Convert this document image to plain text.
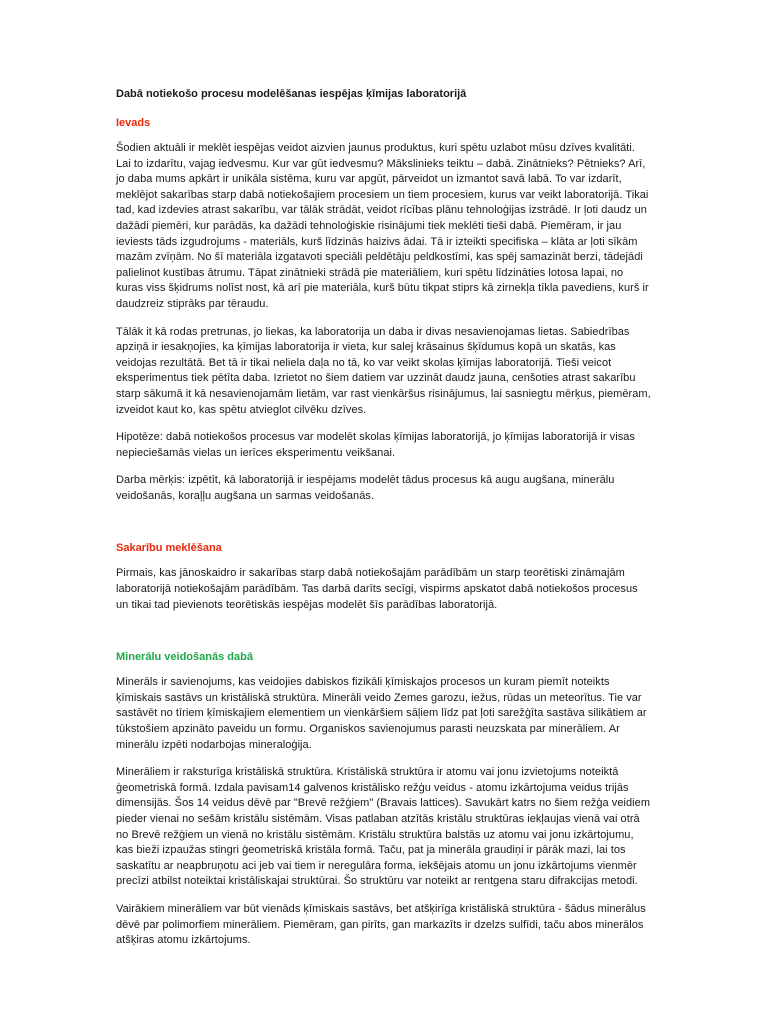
Dabā notiekošo procesu modelēšanas iespējas ķīmijas laboratorijā
Ievads

Šodien aktuāli ir meklēt iespējas veidot aizvien jaunus produktus, kuri spētu uzlabot mūsu dzīves kvalitāti. Lai to izdarītu, vajag iedvesmu. Kur var gūt iedvesmu? Mākslinieks teiktu – dabā. Zinātnieks? Pētnieks? Arī, jo daba mums apkārt ir unikāla sistēma, kuru var apgūt, pārveidot un izmantot savā labā. To var izdarīt, meklējot sakarības starp dabā notiekošajiem procesiem un tiem procesiem, kurus var veikt laboratorijā. Tikai tad, kad izdevies atrast sakarību, var tālāk strādāt, veidot rīcības plānu tehnoloģijas izstrādē. Ir ļoti daudz un dažādi piemēri, kur parādās, ka dažādi tehnoloģiskie risinājumi tiek meklēti tieši dabā. Piemēram, ir jau ieviests tāds izgudrojums - materiāls, kurš līdzinās haizivs ādai. Tā ir izteikti specifiska – klāta ar ļoti sīkām mazām zvīņām. No šī materiāla izgatavoti speciāli peldētāju peldkostīmi, kas spēj samazināt berzi, tādejādi palielinot kustības ātrumu. Tāpat zinātnieki strādā pie materiāliem, kuri spētu līdzināties lotosa lapai, no kuras viss šķidrums nolīst nost, kā arī pie materiāla, kurš būtu tikpat stiprs kā zirnekļa tīkla pavediens, kurš ir daudzreiz stiprāks par tēraudu.

Tālāk it kā rodas pretrunas, jo liekas, ka laboratorija un daba ir divas nesavienojamas lietas. Sabiedrības apziņā ir iesakņojies, ka ķīmijas laboratorija ir vieta, kur salej krāsainus šķīdumus kopā un skatās, kas veidojas rezultātā. Bet tā ir tikai neliela daļa no tā, ko var veikt skolas ķīmijas laboratorijā. Tieši veicot eksperimentus tiek pētīta daba. Izrietot no šiem datiem var uzzināt daudz jauna, cenšoties atrast sakarību starp sākumā it kā nesavienojamām lietām, var rast vienkāršus risinājumus, lai sasniegtu mērķus, piemēram, izveidot kaut ko, kas spētu atvieglot cilvēku dzīves.

Hipotēze: dabā notiekošos procesus var modelēt skolas ķīmijas laboratorijā, jo ķīmijas laboratorijā ir visas nepieciešamās vielas un ierīces eksperimentu veikšanai.

Darba mērķis: izpētīt, kā laboratorijā ir iespējams modelēt tādus procesus kā augu augšana, minerālu veidošanās, koraļļu augšana un sarmas veidošanās.

Sakarību meklēšana

Pirmais, kas jānoskaidro ir sakarības starp dabā notiekošajām parādībām un starp teorētiski zināmajām laboratorijā notiekošajām parādībām. Tas darbā darīts secīgi, vispirms apskatot dabā notiekošos procesus un tikai tad pievienots teorētiskās iespējas modelēt šīs parādības laboratorijā.

Minerālu veidošanās dabā

Minerāls ir savienojums, kas veidojies dabiskos fizikāli ķīmiskajos procesos un kuram piemīt noteikts ķīmiskais sastāvs un kristāliskā struktūra. Minerāli veido Zemes garozu, iežus, rūdas un meteorītus. Tie var sastāvēt no tīriem ķīmiskajiem elementiem un vienkāršiem sāļiem līdz pat ļoti sarežģīta sastāva silikātiem ar tūkstošiem apzināto paveidu un formu. Organiskos savienojumus parasti neuzskata par minerāliem. Ar minerālu izpēti nodarbojas mineraloģija.

Minerāliem ir raksturīga kristāliskā struktūra. Kristāliskā struktūra ir atomu vai jonu izvietojums noteiktā ģeometriskā formā. Izdala pavisam14 galvenos kristālisko režģu veidus - atomu izkārtojuma veidus trijās dimensijās. Šos 14 veidus dēvē par "Brevē režģiem" (Bravais lattices). Savukārt katrs no šiem režģa veidiem pieder vienai no sešām kristālu sistēmām. Visas patlaban atzītās kristālu struktūras iekļaujas vienā vai otrā no Brevē režģiem un vienā no kristālu sistēmām. Kristālu struktūra balstās uz atomu vai jonu izkārtojumu, kas bieži izpaužas stingri ģeometriskā kristāla formā. Taču, pat ja minerāla graudiņi ir pārāk mazi, lai tos saskatītu ar neapbruņotu aci jeb vai tiem ir neregulāra forma, iekšējais atomu un jonu izkārtojums vienmēr precīzi atbilst noteiktai kristāliskajai struktūrai. Šo struktūru var noteikt ar rentgena staru difrakcijas metodi.

Vairākiem minerāliem var būt vienāds ķīmiskais sastāvs, bet atšķirīga kristāliskā struktūra - šādus minerālus dēvē par polimorfiem minerāliem. Piemēram, gan pirīts, gan markazīts ir dzelzs sulfīdi, taču abos minerālos atšķiras atomu izkārtojums.
